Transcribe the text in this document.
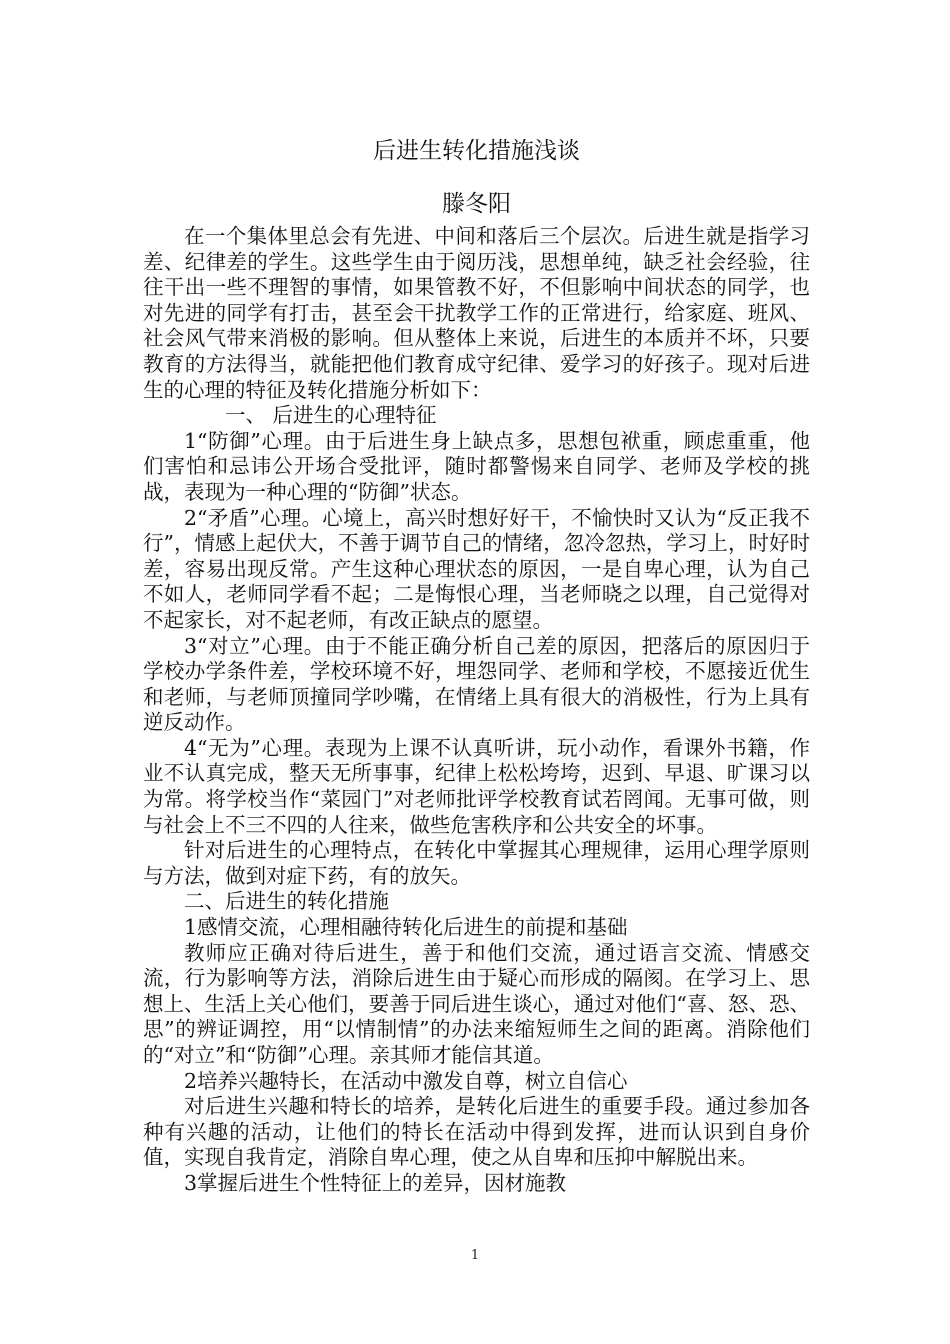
后进生转化措施浅谈
滕冬阳

在一个集体里总会有先进、中间和落后三个层次。后进生就是指学习差、纪律差的学生。这些学生由于阅历浅，思想单纯，缺乏社会经验，往往干出一些不理智的事情，如果管教不好，不但影响中间状态的同学，也对先进的同学有打击，甚至会干扰教学工作的正常进行，给家庭、班风、社会风气带来消极的影响。但从整体上来说，后进生的本质并不坏，只要教育的方法得当，就能把他们教育成守纪律、爱学习的好孩子。现对后进生的心理的特征及转化措施分析如下：

一、 后进生的心理特征

1“防御”心理。由于后进生身上缺点多，思想包袱重，顾虑重重，他们害怕和忌讳公开场合受批评，随时都警惕来自同学、老师及学校的挑战，表现为一种心理的“防御”状态。

2“矛盾”心理。心境上，高兴时想好好干，不愉快时又认为“反正我不行”，情感上起伏大，不善于调节自己的情绪，忽冷忽热，学习上，时好时差，容易出现反常。产生这种心理状态的原因，一是自卑心理，认为自己不如人，老师同学看不起；二是悔恨心理，当老师晓之以理，自己觉得对不起家长，对不起老师，有改正缺点的愿望。

3“对立”心理。由于不能正确分析自己差的原因，把落后的原因归于学校办学条件差，学校环境不好，埋怨同学、老师和学校，不愿接近优生和老师，与老师顶撞同学吵嘴，在情绪上具有很大的消极性，行为上具有逆反动作。

4“无为”心理。表现为上课不认真听讲，玩小动作，看课外书籍，作业不认真完成，整天无所事事，纪律上松松垮垮，迟到、早退、旷课习以为常。将学校当作“菜园门”对老师批评学校教育试若罔闻。无事可做，则与社会上不三不四的人往来，做些危害秩序和公共安全的坏事。

针对后进生的心理特点，在转化中掌握其心理规律，运用心理学原则与方法，做到对症下药，有的放矢。

二、后进生的转化措施

1感情交流，心理相融待转化后进生的前提和基础

教师应正确对待后进生，善于和他们交流，通过语言交流、情感交流，行为影响等方法，消除后进生由于疑心而形成的隔阂。在学习上、思想上、生活上关心他们，要善于同后进生谈心，通过对他们“喜、怒、恐、思”的辨证调控，用“以情制情”的办法来缩短师生之间的距离。消除他们的“对立”和“防御”心理。亲其师才能信其道。

2培养兴趣特长，在活动中激发自尊，树立自信心

对后进生兴趣和特长的培养，是转化后进生的重要手段。通过参加各种有兴趣的活动，让他们的特长在活动中得到发挥，进而认识到自身价值，实现自我肯定，消除自卑心理，使之从自卑和压抑中解脱出来。

3掌握后进生个性特征上的差异，因材施教

1
